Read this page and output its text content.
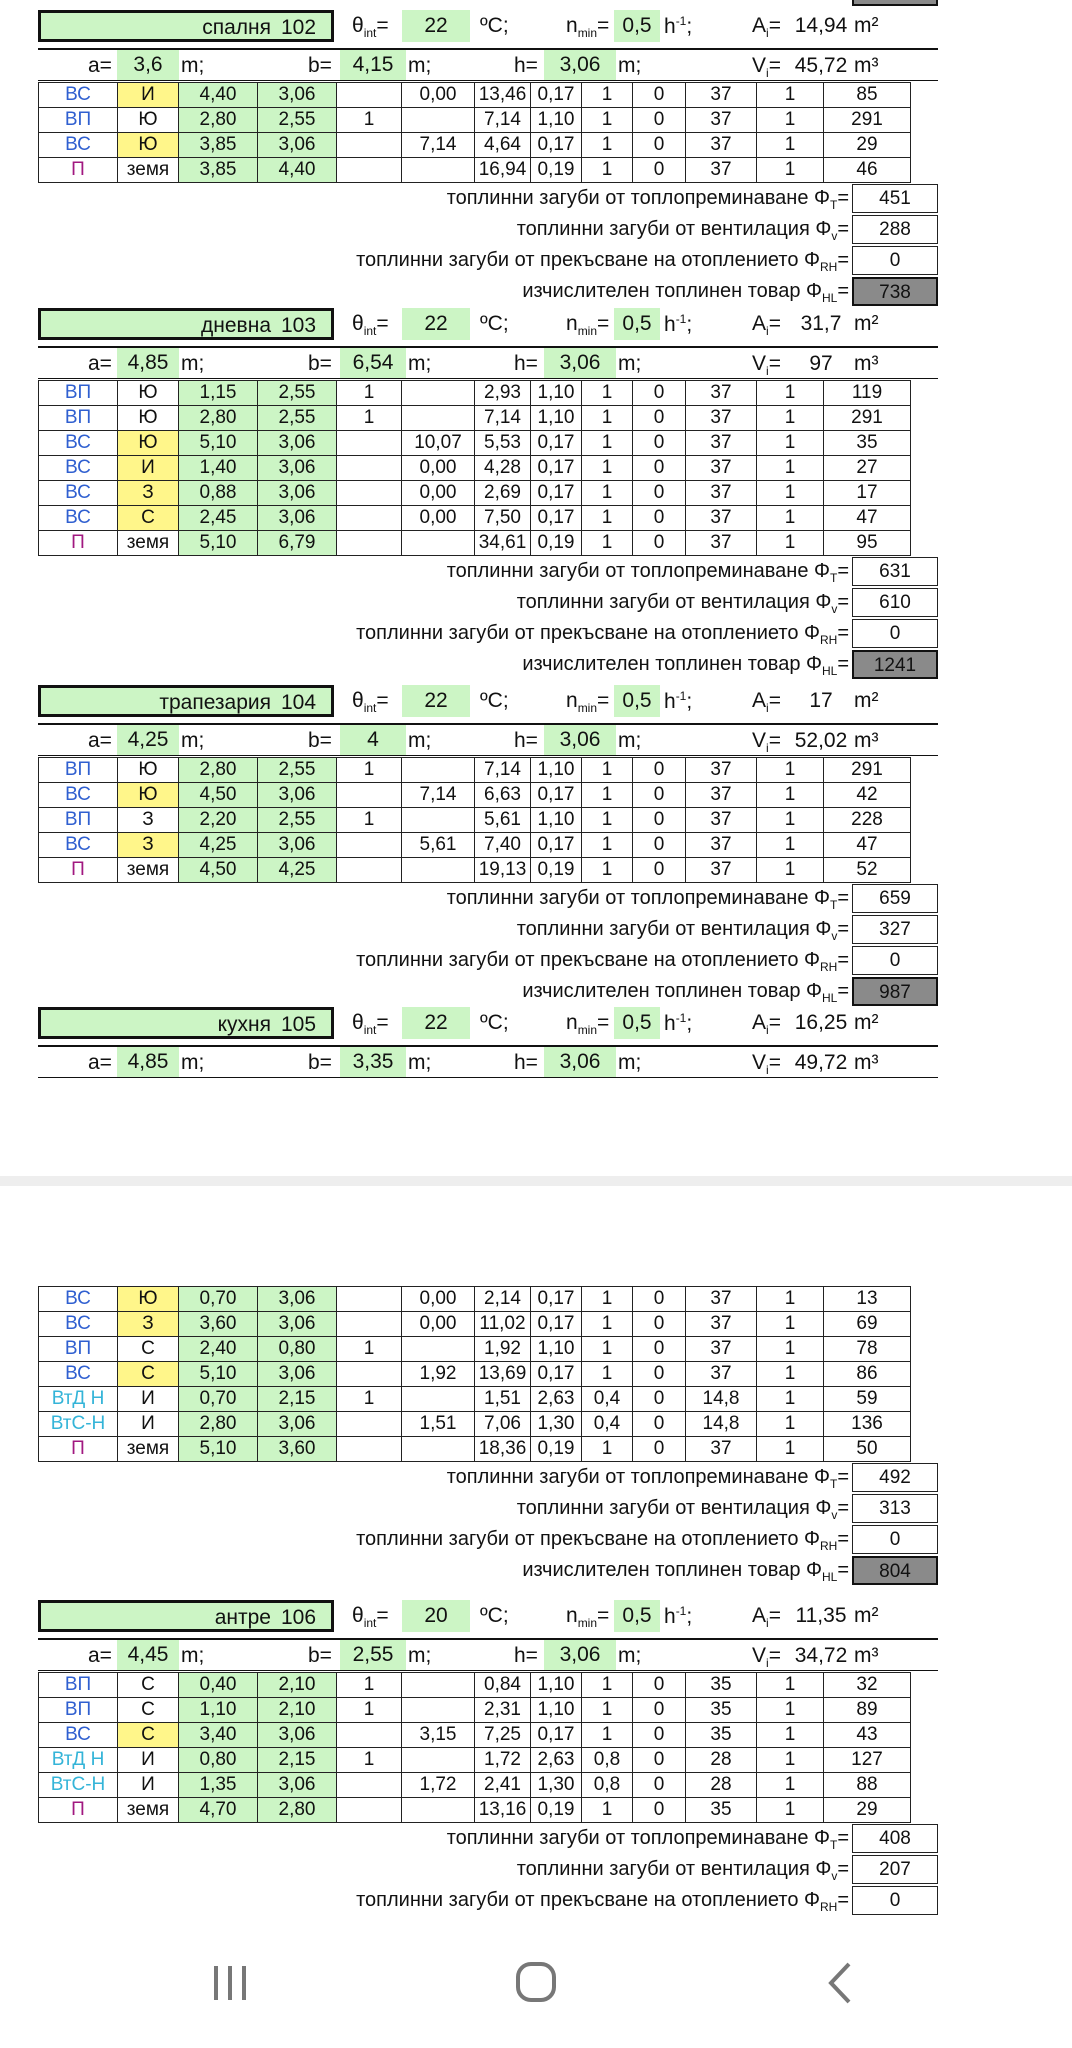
спалня 102 $\theta_{int}=$	22	ºC;	$n_{min}= 0,5$ $h^{-1}$;	$A_i= 14,94$ m²
a=	3,6 m;	b= 4,15 m;	h=	3,06 m;	$V_i= 45,72$ m³
ВС	И	4,40	3,06		0,00	13,46	0,17	1	0	37	1	85
ВП	Ю	2,80	2,55	1		7,14	1,10	1	0	37	1	291
ВС	Ю	3,85	3,06		7,14	4,64	0,17	1	0	37	1	29
П	земя	3,85	4,40			16,94	0,19	1	0	37	1	46
топлинни загуби от топлопреминаване $\Phi_T=$	451
топлинни загуби от вентилация $\Phi_v=$	288
топлинни загуби от прекъсване на отоплението $\Phi_{RH}=$	0
изчислителен топлинен товар $\Phi_{HL}=$	738
дневна 103 $\theta_{int}=$	22	ºC;	$n_{min}= 0,5$ $h^{-1}$;	$A_i= 31,7$ m²
a= 4,85 m;	b= 6,54 m;	h=	3,06 m;	$V_i=$	97	m³
ВП	Ю	1,15	2,55	1		2,93	1,10	1	0	37	1	119
ВП	Ю	2,80	2,55	1		7,14	1,10	1	0	37	1	291
ВС	Ю	5,10	3,06		10,07	5,53	0,17	1	0	37	1	35
ВС	И	1,40	3,06		0,00	4,28	0,17	1	0	37	1	27
ВС	З	0,88	3,06		0,00	2,69	0,17	1	0	37	1	17
ВС	С	2,45	3,06		0,00	7,50	0,17	1	0	37	1	47
П	земя	5,10	6,79			34,61	0,19	1	0	37	1	95
топлинни загуби от топлопреминаване $\Phi_T=$	631
топлинни загуби от вентилация $\Phi_v=$	610
топлинни загуби от прекъсване на отоплението $\Phi_{RH}=$	0
изчислителен топлинен товар $\Phi_{HL}=$	1241
трапезария 104 $\theta_{int}=$	22	ºC;	$n_{min}= 0,5$ $h^{-1}$;	$A_i=$	17	m²
a= 4,25 m;	b=	4	m;	h=	3,06 m;	$V_i= 52,02$ m³
ВП	Ю	2,80	2,55	1		7,14	1,10	1	0	37	1	291
ВС	Ю	4,50	3,06		7,14	6,63	0,17	1	0	37	1	42
ВП	З	2,20	2,55	1		5,61	1,10	1	0	37	1	228
ВС	З	4,25	3,06		5,61	7,40	0,17	1	0	37	1	47
П	земя	4,50	4,25			19,13	0,19	1	0	37	1	52
топлинни загуби от топлопреминаване $\Phi_T=$	659
топлинни загуби от вентилация $\Phi_v=$	327
топлинни загуби от прекъсване на отоплението $\Phi_{RH}=$	0
изчислителен топлинен товар $\Phi_{HL}=$	987
кухня 105 $\theta_{int}=$	22	ºC;	$n_{min}= 0,5$ $h^{-1}$;	$A_i= 16,25$ m²
a= 4,85 m;	b= 3,35 m;	h=	3,06 m;	$V_i= 49,72$ m³
ВС	Ю	0,70	3,06		0,00	2,14	0,17	1	0	37	1	13
ВС	З	3,60	3,06		0,00	11,02	0,17	1	0	37	1	69
ВП	С	2,40	0,80	1		1,92	1,10	1	0	37	1	78
ВС	С	5,10	3,06		1,92	13,69	0,17	1	0	37	1	86
ВтД Н	И	0,70	2,15	1		1,51	2,63	0,4	0	14,8	1	59
ВтС-Н	И	2,80	3,06		1,51	7,06	1,30	0,4	0	14,8	1	136
П	земя	5,10	3,60			18,36	0,19	1	0	37	1	50
топлинни загуби от топлопреминаване $\Phi_T=$	492
топлинни загуби от вентилация $\Phi_v=$	313
топлинни загуби от прекъсване на отоплението $\Phi_{RH}=$	0
изчислителен топлинен товар $\Phi_{HL}=$	804
антре 106 $\theta_{int}=$	20	ºC;	$n_{min}= 0,5$ $h^{-1}$;	$A_i= 11,35$ m²
a= 4,45 m;	b= 2,55 m;	h=	3,06 m;	$V_i= 34,72$ m³
ВП	С	0,40	2,10	1		0,84	1,10	1	0	35	1	32
ВП	С	1,10	2,10	1		2,31	1,10	1	0	35	1	89
ВС	С	3,40	3,06		3,15	7,25	0,17	1	0	35	1	43
ВтД Н	И	0,80	2,15	1		1,72	2,63	0,8	0	28	1	127
ВтС-Н	И	1,35	3,06		1,72	2,41	1,30	0,8	0	28	1	88
П	земя	4,70	2,80			13,16	0,19	1	0	35	1	29
топлинни загуби от топлопреминаване $\Phi_T=$	408
топлинни загуби от вентилация $\Phi_v=$	207
топлинни загуби от прекъсване на отоплението $\Phi_{RH}=$	0
